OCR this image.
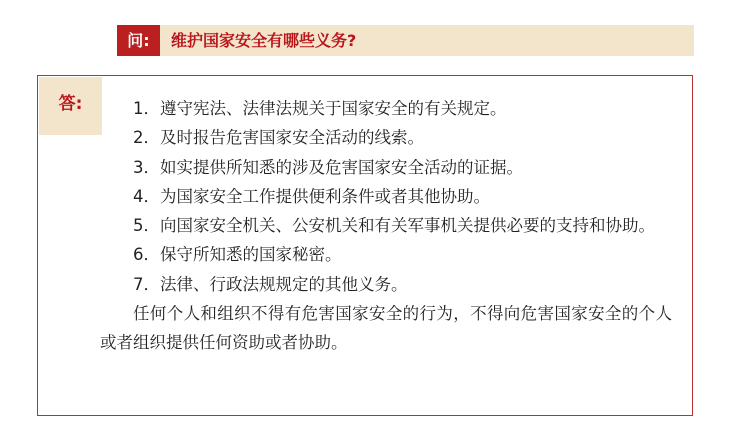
问:	维护国家安全有哪些义务?
答:	1．遵守宪法、法律法规关于国家安全的有关规定。

2．及时报告危害国家安全活动的线索。

3．如实提供所知悉的涉及危害国家安全活动的证据。

4．为国家安全工作提供便利条件或者其他协助。

5．向国家安全机关、公安机关和有关军事机关提供必要的支持和协助。

6．保守所知悉的国家秘密。

7．法律、行政法规规定的其他义务。

任何个人和组织不得有危害国家安全的行为，不得向危害国家安全的个人或者组织提供任何资助或者协助。
